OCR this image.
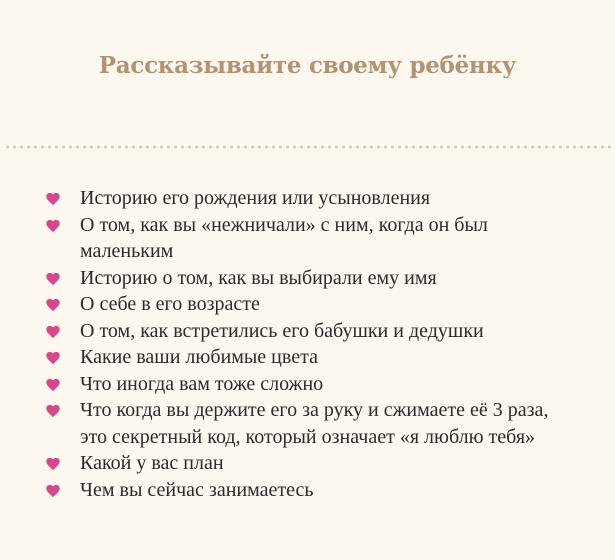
Рассказывайте своему ребёнку
Историю его рождения или усыновления
О том, как вы «нежничали» с ним, когда он был маленьким
Историю о том, как вы выбирали ему имя
О себе в его возрасте
О том, как встретились его бабушки и дедушки
Какие ваши любимые цвета
Что иногда вам тоже сложно
Что когда вы держите его за руку и сжимаете её 3 раза, это секретный код, который означает «я люблю тебя»
Какой у вас план
Чем вы сейчас занимаетесь
